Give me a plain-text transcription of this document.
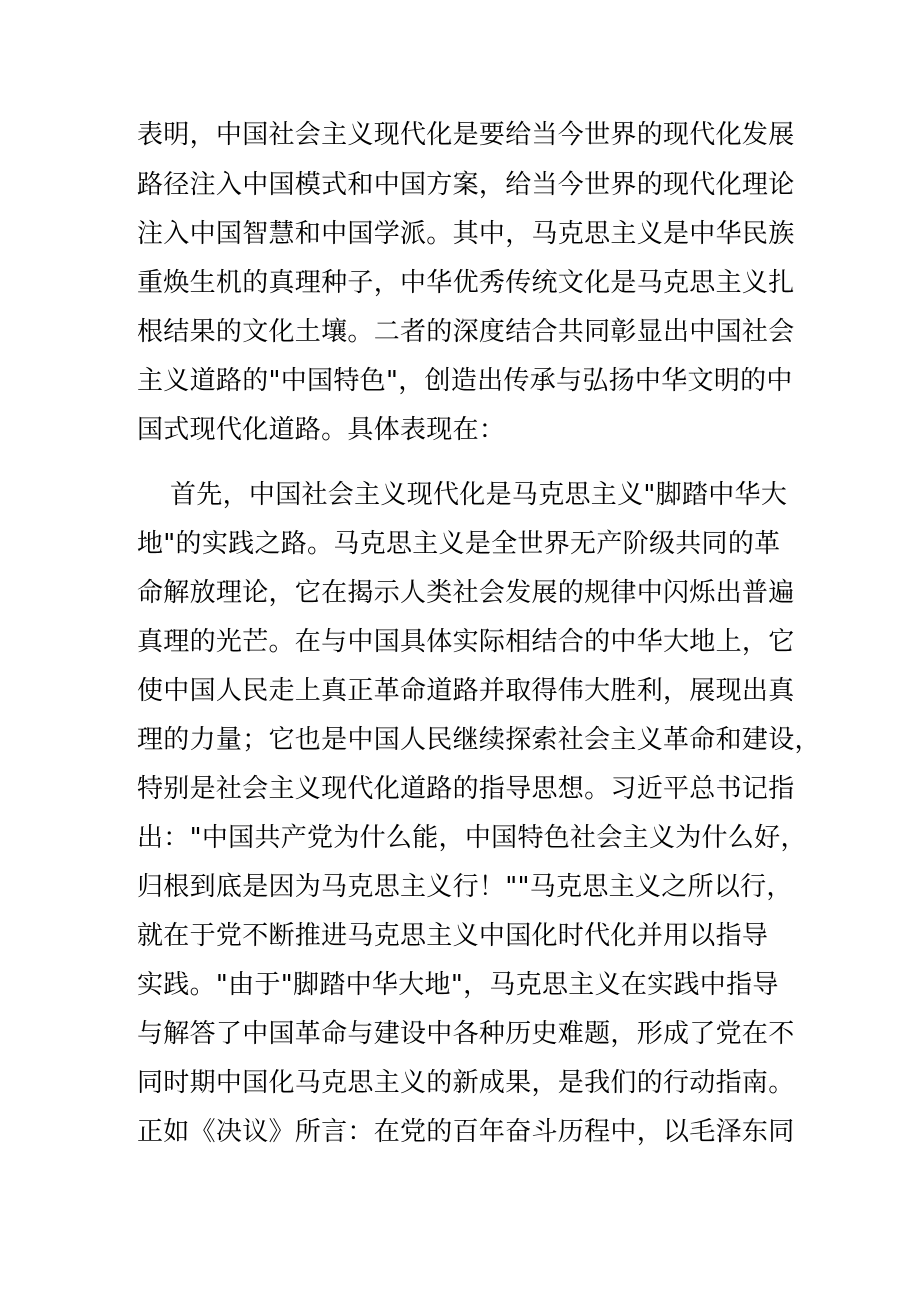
表明，中国社会主义现代化是要给当今世界的现代化发展

路径注入中国模式和中国方案，给当今世界的现代化理论

注入中国智慧和中国学派。其中，马克思主义是中华民族

重焕生机的真理种子，中华优秀传统文化是马克思主义扎

根结果的文化土壤。二者的深度结合共同彰显出中国社会

主义道路的"中国特色"，创造出传承与弘扬中华文明的中

国式现代化道路。具体表现在：

首先，中国社会主义现代化是马克思主义"脚踏中华大

地"的实践之路。马克思主义是全世界无产阶级共同的革

命解放理论，它在揭示人类社会发展的规律中闪烁出普遍

真理的光芒。在与中国具体实际相结合的中华大地上，它

使中国人民走上真正革命道路并取得伟大胜利，展现出真

理的力量；它也是中国人民继续探索社会主义革命和建设，

特别是社会主义现代化道路的指导思想。习近平总书记指

出："中国共产党为什么能，中国特色社会主义为什么好，

归根到底是因为马克思主义行！""马克思主义之所以行，

就在于党不断推进马克思主义中国化时代化并用以指导

实践。"由于"脚踏中华大地"，马克思主义在实践中指导

与解答了中国革命与建设中各种历史难题，形成了党在不

同时期中国化马克思主义的新成果，是我们的行动指南。

正如《决议》所言：在党的百年奋斗历程中，以毛泽东同
